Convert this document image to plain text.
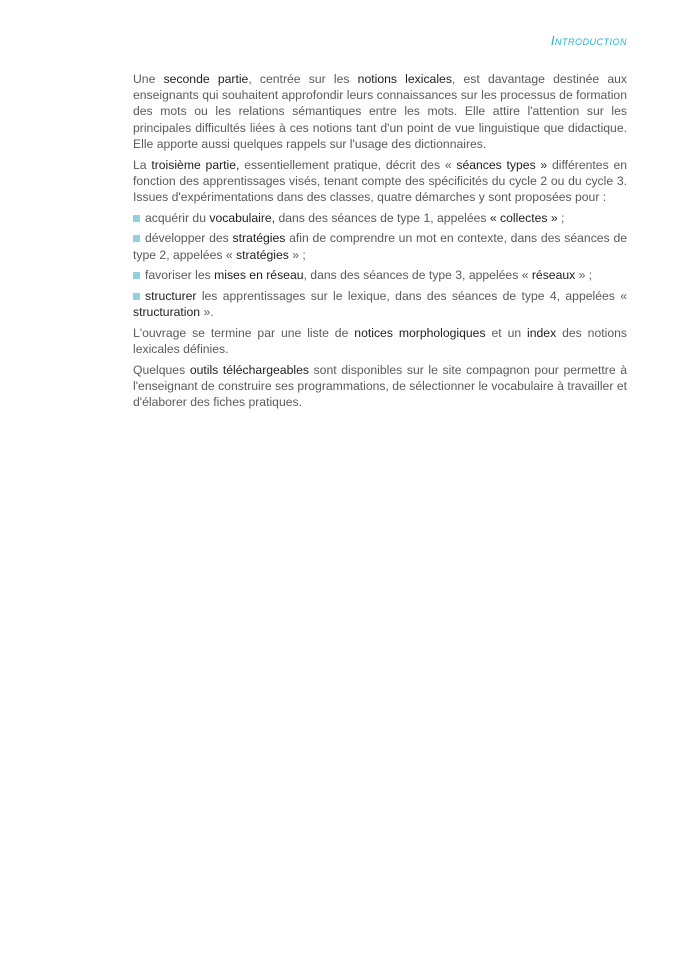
Introduction

Une seconde partie, centrée sur les notions lexicales, est davantage destinée aux enseignants qui souhaitent approfondir leurs connaissances sur les processus de formation des mots ou les relations sémantiques entre les mots. Elle attire l'attention sur les principales difficultés liées à ces notions tant d'un point de vue linguistique que didactique. Elle apporte aussi quelques rappels sur l'usage des dictionnaires.

La troisième partie, essentiellement pratique, décrit des « séances types » différentes en fonction des apprentissages visés, tenant compte des spécificités du cycle 2 ou du cycle 3. Issues d'expérimentations dans des classes, quatre démarches y sont proposées pour :

acquérir du vocabulaire, dans des séances de type 1, appelées « collectes » ;

développer des stratégies afin de comprendre un mot en contexte, dans des séances de type 2, appelées « stratégies » ;

favoriser les mises en réseau, dans des séances de type 3, appelées « réseaux » ;

structurer les apprentissages sur le lexique, dans des séances de type 4, appelées « structuration ».

L'ouvrage se termine par une liste de notices morphologiques et un index des notions lexicales définies.

Quelques outils téléchargeables sont disponibles sur le site compagnon pour permettre à l'enseignant de construire ses programmations, de sélectionner le vocabulaire à travailler et d'élaborer des fiches pratiques.
